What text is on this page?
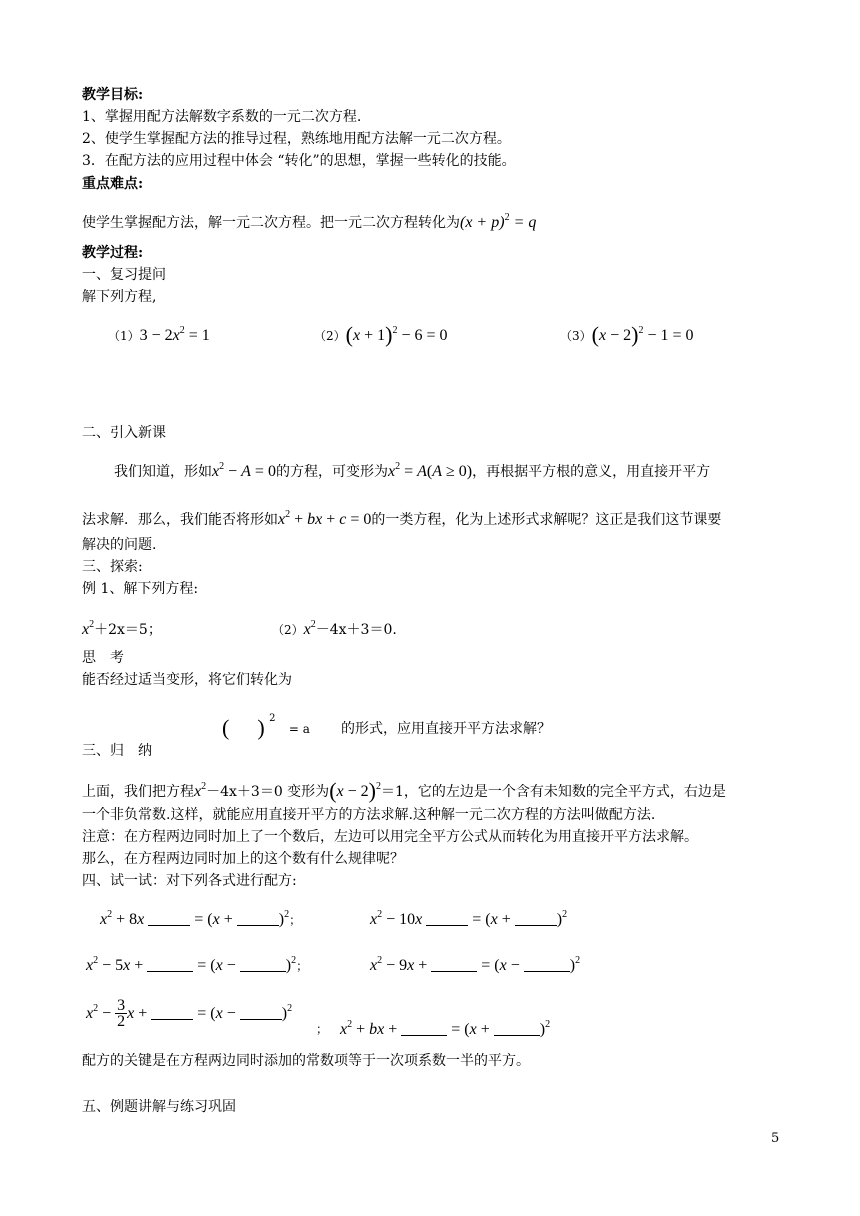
教学目标:
1、掌握用配方法解数字系数的一元二次方程.
2、使学生掌握配方法的推导过程，熟练地用配方法解一元二次方程。
3．在配方法的应用过程中体会 “转化”的思想，掌握一些转化的技能。
重点难点:
使学生掌握配方法，解一元二次方程。把一元二次方程转化为$(x + p)^2 = q$
教学过程:
一、复习提问
解下列方程,
$(1)3 - 2x^2 = 1$	$(2)(x + 1)^2 - 6 = 0$	$(3)(x - 2)^2 - 1 = 0$
二、引入新课
我们知道，形如$x^2 - A = 0$的方程，可变形为$x^2 = A(A \ge 0)$，再根据平方根的意义，用直接开平方
法求解．那么，我们能否将形如$x^2$ + bx + c = 0的一类方程，化为上述形式求解呢？这正是我们这节课要
解决的问题.
三、探索:
例 1、解下列方程:
$x^2+2x=5$；	$(2)x^2-4x+3=0$.
思　考
能否经过适当变形，将它们转化为
( ) $^2$   = a 的形式，应用直接开平方法求解？
三、归　纳
上面，我们把方程$x^2-4x+3=0$ 变形为$(x - 2)^2=1$，它的左边是一个含有未知数的完全平方式，右边是
一个非负常数.这样，就能应用直接开平方的方法求解.这种解一元二次方程的方法叫做配方法.
注意：在方程两边同时加上了一个数后，左边可以用完全平方公式从而转化为用直接开平方法求解。
那么，在方程两边同时加上的这个数有什么规律呢？
四、试一试：对下列各式进行配方:
$x^2 + 8x$	= (x +	)$^2$；	$x^2 - 10x$	= (x +	)$^2$
$x^2 - 5x$ +	= (x −	)$^2$；	$x^2 - 9x$ +	= (x −	)$^2$
$x^2 - \frac{3}{2}$ x +	= (x −	)$^2$
； $x^2$ + bx +	= (x +	)$^2$
配方的关键是在方程两边同时添加的常数项等于一次项系数一半的平方。
五、例题讲解与练习巩固
5
